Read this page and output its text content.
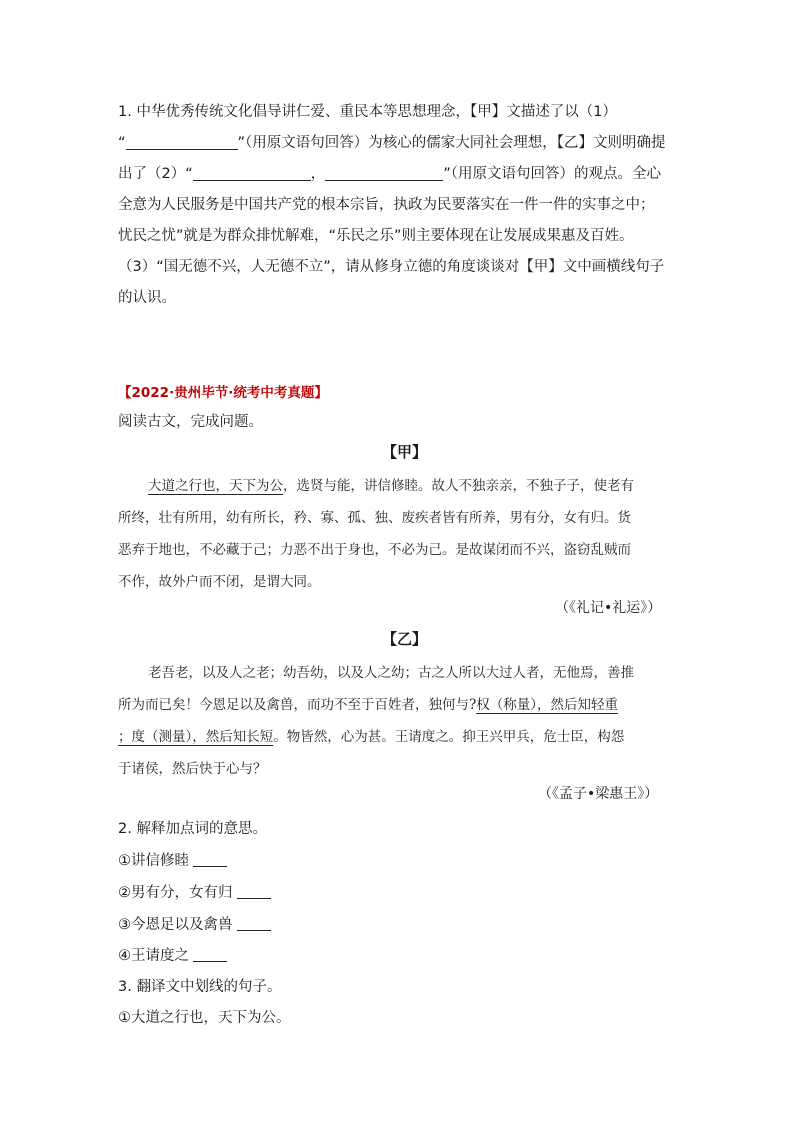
1. 中华优秀传统文化倡导讲仁爱、重民本等思想理念，【甲】文描述了以（1）
“	”（用原文语句回答）为核心的儒家大同社会理想，【乙】文则明确提
出了（2）“	，	”（用原文语句回答）的观点。全心
全意为人民服务是中国共产党的根本宗旨，执政为民要落实在一件一件的实事之中；
忧民之忧”就是为群众排忧解难，“乐民之乐”则主要体现在让发展成果惠及百姓。
（3）“国无德不兴，人无德不立”，请从修身立德的角度谈谈对【甲】文中画横线句子
的认识。
【2022·贵州毕节·统考中考真题】
阅读古文，完成问题。
【甲】
大道之行也，天下为公，选贤与能，讲信修睦。故人不独亲亲，不独子子，使老有
所终，壮有所用，幼有所长，矜、寡、孤、独、废疾者皆有所养，男有分，女有归。货
恶弃于地也，不必藏于己；力恶不出于身也，不必为己。是故谋闭而不兴，盗窃乱贼而
不作，故外户而不闭，是谓大同。
（《礼记•礼运》）
【乙】
老吾老，以及人之老；幼吾幼，以及人之幼；古之人所以大过人者，无他焉，善推
所为而已矣！今恩足以及禽兽，而功不至于百姓者，独何与?权（称量），然后知轻重
；度（测量），然后知长短。物皆然，心为甚。王请度之。抑王兴甲兵，危士臣，构怨
于诸侯，然后快于心与？
（《孟子•梁惠王》）
2. 解释加点词的意思。
①讲信修睦
②男有分，女有归
③今恩足以及禽兽
④王请度之
3. 翻译文中划线的句子。
①大道之行也，天下为公。
